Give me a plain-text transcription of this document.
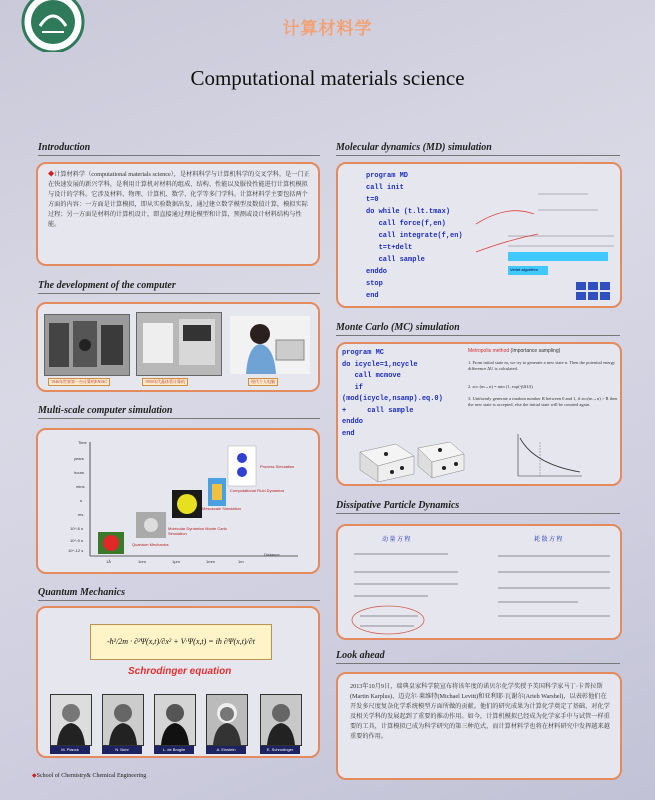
计算材料学
Computational materials science
Introduction
◆计算材料学（computational materials science），是材料科学与计算机科学的交叉学科，是一门正在快速发展的新兴学科，是利用计算机对材料的组成、结构、性能以及服役性能进行计算机模拟与设计的学科。它涉及材料、物理、计算机、数学、化学等多门学科。计算材料学主要包括两个方面的内容：一方面是计算模拟，即从实验数据出发，通过建立数学模型及数值计算，模拟实际过程；另一方面是材料的计算机设计，即直接通过理论模型和计算，预测或设计材料结构与性能。
The development of the computer
1946年世界第一台计算机ENIAC	1950年代晶体管计算机	现代个人电脑
Multi-scale computer simulation
Time
years
hours
mins
s
ms
10^-6 s
10^-9 s
10^-12 s
1Å	1nm	1μm	1mm	1m
Distance
Process Simulation
Computational Fluid Dynamics
Mesoscale Simulation
Molecular Dynamics Monte Carlo Simulation
Quantum Mechanics
Quantum Mechanics
-ħ²/2m · ∂²Ψ(x,t)/∂x² + V·Ψ(x,t) = iħ ∂Ψ(x,t)/∂t
Schrodinger equation
M. Planck	N. Bohr	L. de Broglie	A. Einstein	E. Schrodinger
Molecular dynamics (MD) simulation
program MD
call init
t=0
do while (t.lt.tmax)
call force(f,en)
call integrate(f,en)
t=t+delt
call sample
enddo
stop
end
Verlet algorithm
Monte Carlo (MC) simulation
program MC
do icycle=1,ncycle
call mcmove
if
(mod(icycle,nsamp).eq.0)
+     call sample
enddo
end
Metropolis method (Importance sampling)
1. From initial state m, we try to generate a new state n. Then the potential energy difference ΔU is calculated.
2. acc (m→n) = min (1, exp(-βΔU))
3. Uniformly generate a random number R between 0 and 1, if acc(m→n) > R then the new state is accepted, else the initial state will be counted again.
Dissipative Particle Dynamics
动 量 方 程	耗 散 方 程
Look ahead
2013年10月9日，瑞典皇家科学院宣布将该年度的诺贝尔化学奖授予美国科学家马丁·卡普拉斯(Martin Karplus)、迈克尔·莱维特(Michael Levitt)和亚利耶·瓦谢尔(Arieh Warshel)，以表彰他们在开发多尺度复杂化学系统模型方面所做的贡献。他们的研究成果为计算化学奠定了基础，对化学及相关学科的发展起到了重要的推动作用。如今，计算机模拟已经成为化学家手中与试管一样重要的工具，计算模拟已成为科学研究的第三种范式，而计算材料学也将在材料研究中发挥越来越重要的作用。
◆School of Chemistry& Chemical Engineering
